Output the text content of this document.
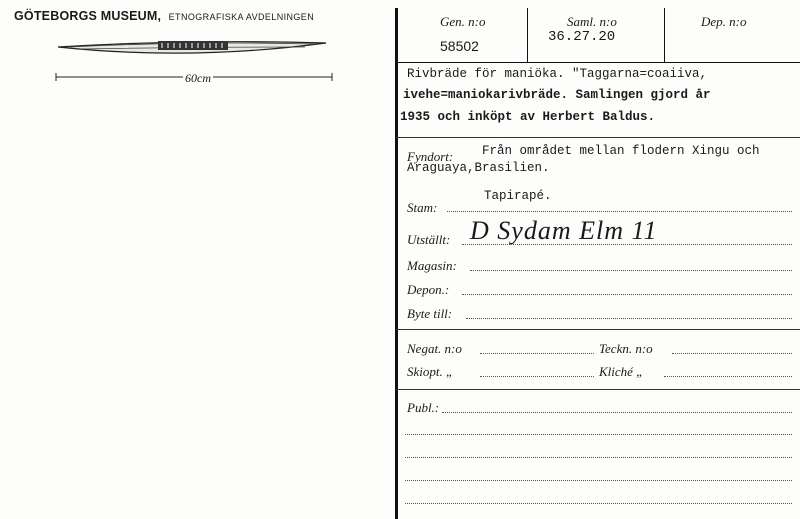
GÖTEBORGS MUSEUM, ETNOGRAFISKA AVDELNINGEN
60cm
Gen. n:o
58502
Saml. n:o
36.27.20
Dep. n:o
Rivbräde för maniöka. "Taggarna=coaiiva,
ivehe=maniokarivbräde. Samlingen gjord år
1935 och inköpt av Herbert Baldus.
Fyndort: Från området mellan flodern Xingu och
Araguaya,Brasilien.
Stam:
Tapirapé.
Utställt: D Sydam Elm 11
Magasin:
Depon.:
Byte till:
Negat. n:o	Teckn. n:o
Skiopt. „	Kliché „
Publ.:
